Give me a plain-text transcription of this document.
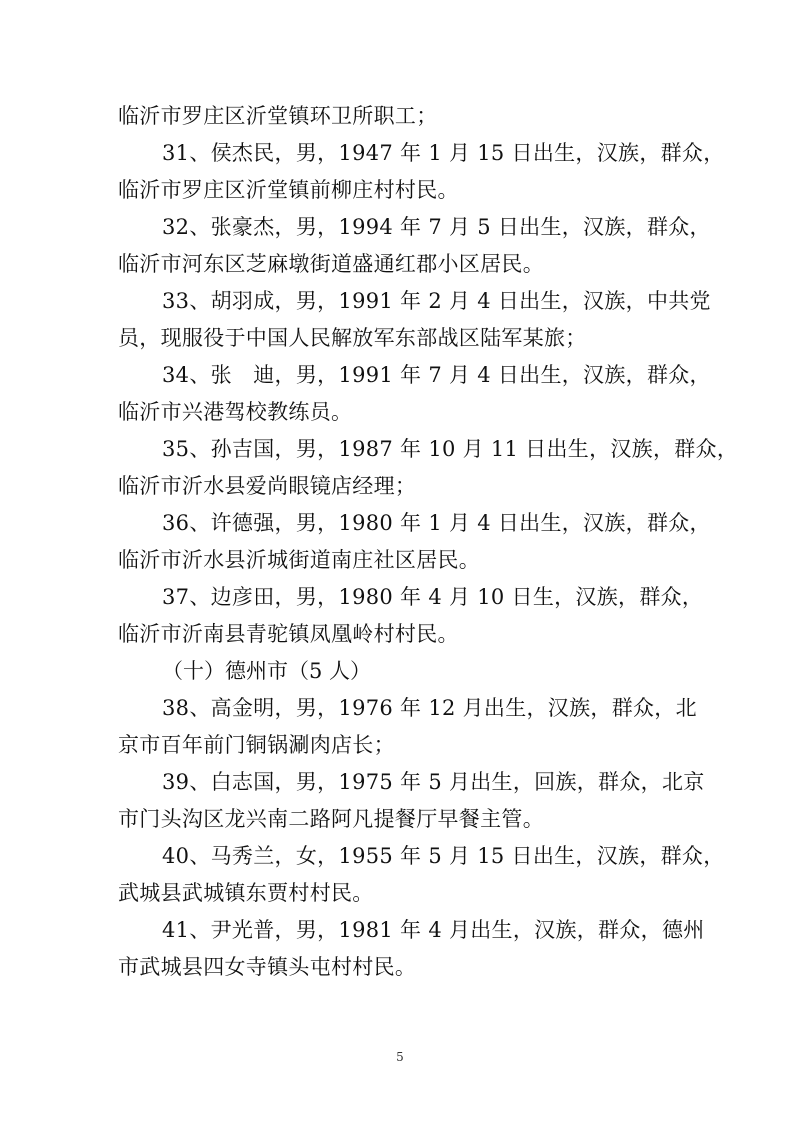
临沂市罗庄区沂堂镇环卫所职工；
31、侯杰民，男，1947 年 1 月 15 日出生，汉族，群众，
临沂市罗庄区沂堂镇前柳庄村村民。
32、张豪杰，男，1994 年 7 月 5 日出生，汉族，群众，
临沂市河东区芝麻墩街道盛通红郡小区居民。
33、胡羽成，男，1991 年 2 月 4 日出生，汉族，中共党
员，现服役于中国人民解放军东部战区陆军某旅；
34、张　迪，男，1991 年 7 月 4 日出生，汉族，群众，
临沂市兴港驾校教练员。
35、孙吉国，男，1987 年 10 月 11 日出生，汉族，群众，
临沂市沂水县爱尚眼镜店经理；
36、许德强，男，1980 年 1 月 4 日出生，汉族，群众，
临沂市沂水县沂城街道南庄社区居民。
37、边彦田，男，1980 年 4 月 10 日生，汉族，群众，
临沂市沂南县青驼镇凤凰岭村村民。
（十）德州市（5 人）
38、高金明，男，1976 年 12 月出生，汉族，群众，北
京市百年前门铜锅涮肉店长；
39、白志国，男，1975 年 5 月出生，回族，群众，北京
市门头沟区龙兴南二路阿凡提餐厅早餐主管。
40、马秀兰，女，1955 年 5 月 15 日出生，汉族，群众，
武城县武城镇东贾村村民。
41、尹光普，男，1981 年 4 月出生，汉族，群众，德州
市武城县四女寺镇头屯村村民。
5
